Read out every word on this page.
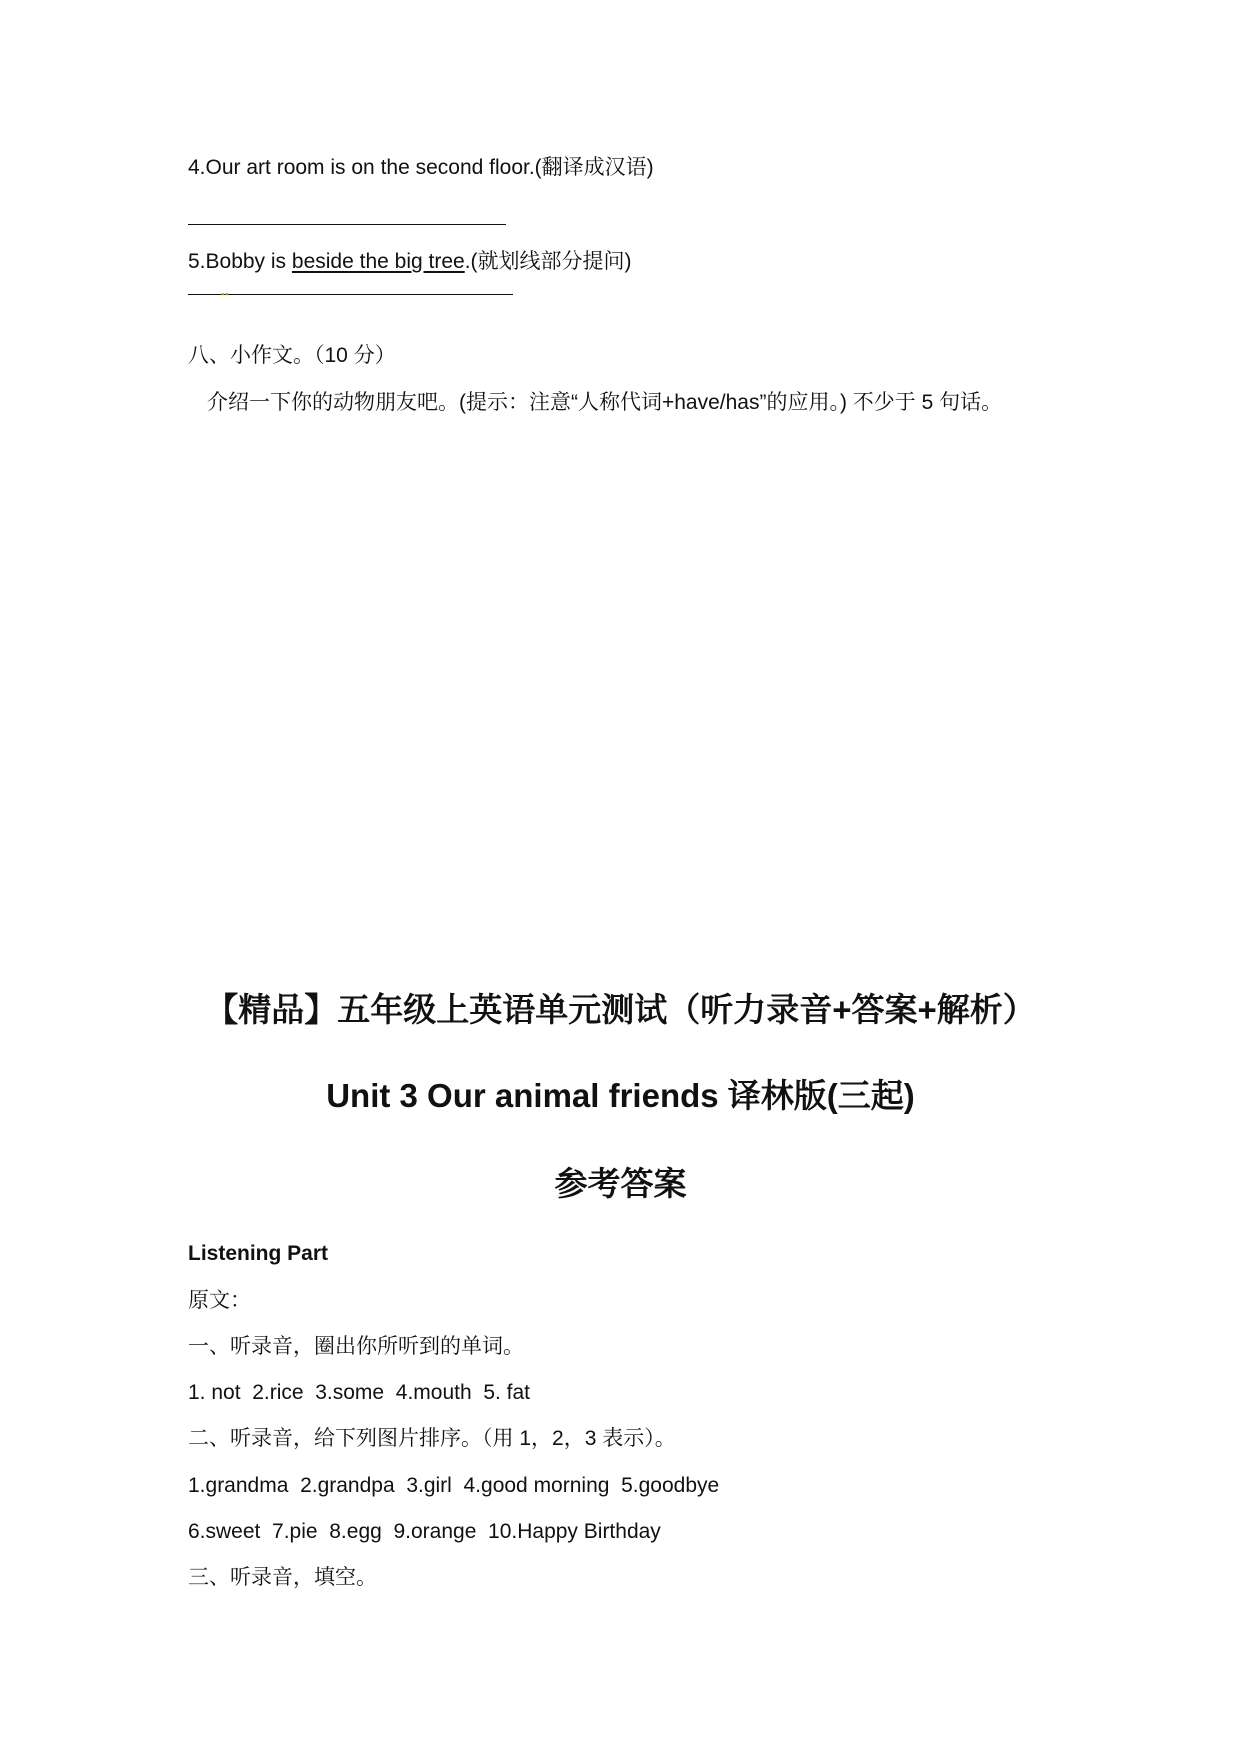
4.Our art room is on the second floor.(翻译成汉语)
5.Bobby is beside the big tree.(就划线部分提问)
▪▪
八、小作文。（10 分）
介绍一下你的动物朋友吧。(提示：注意“人称代词+have/has”的应用。) 不少于 5 句话。
【精品】五年级上英语单元测试（听力录音+答案+解析）
Unit 3 Our animal friends 译林版(三起)
参考答案
Listening Part
原文：
一、听录音，圈出你所听到的单词。
1. not  2.rice  3.some  4.mouth  5. fat
二、听录音，给下列图片排序。（用 1，2，3 表示）。
1.grandma  2.grandpa  3.girl  4.good morning  5.goodbye
6.sweet  7.pie  8.egg  9.orange  10.Happy Birthday
三、听录音，填空。
